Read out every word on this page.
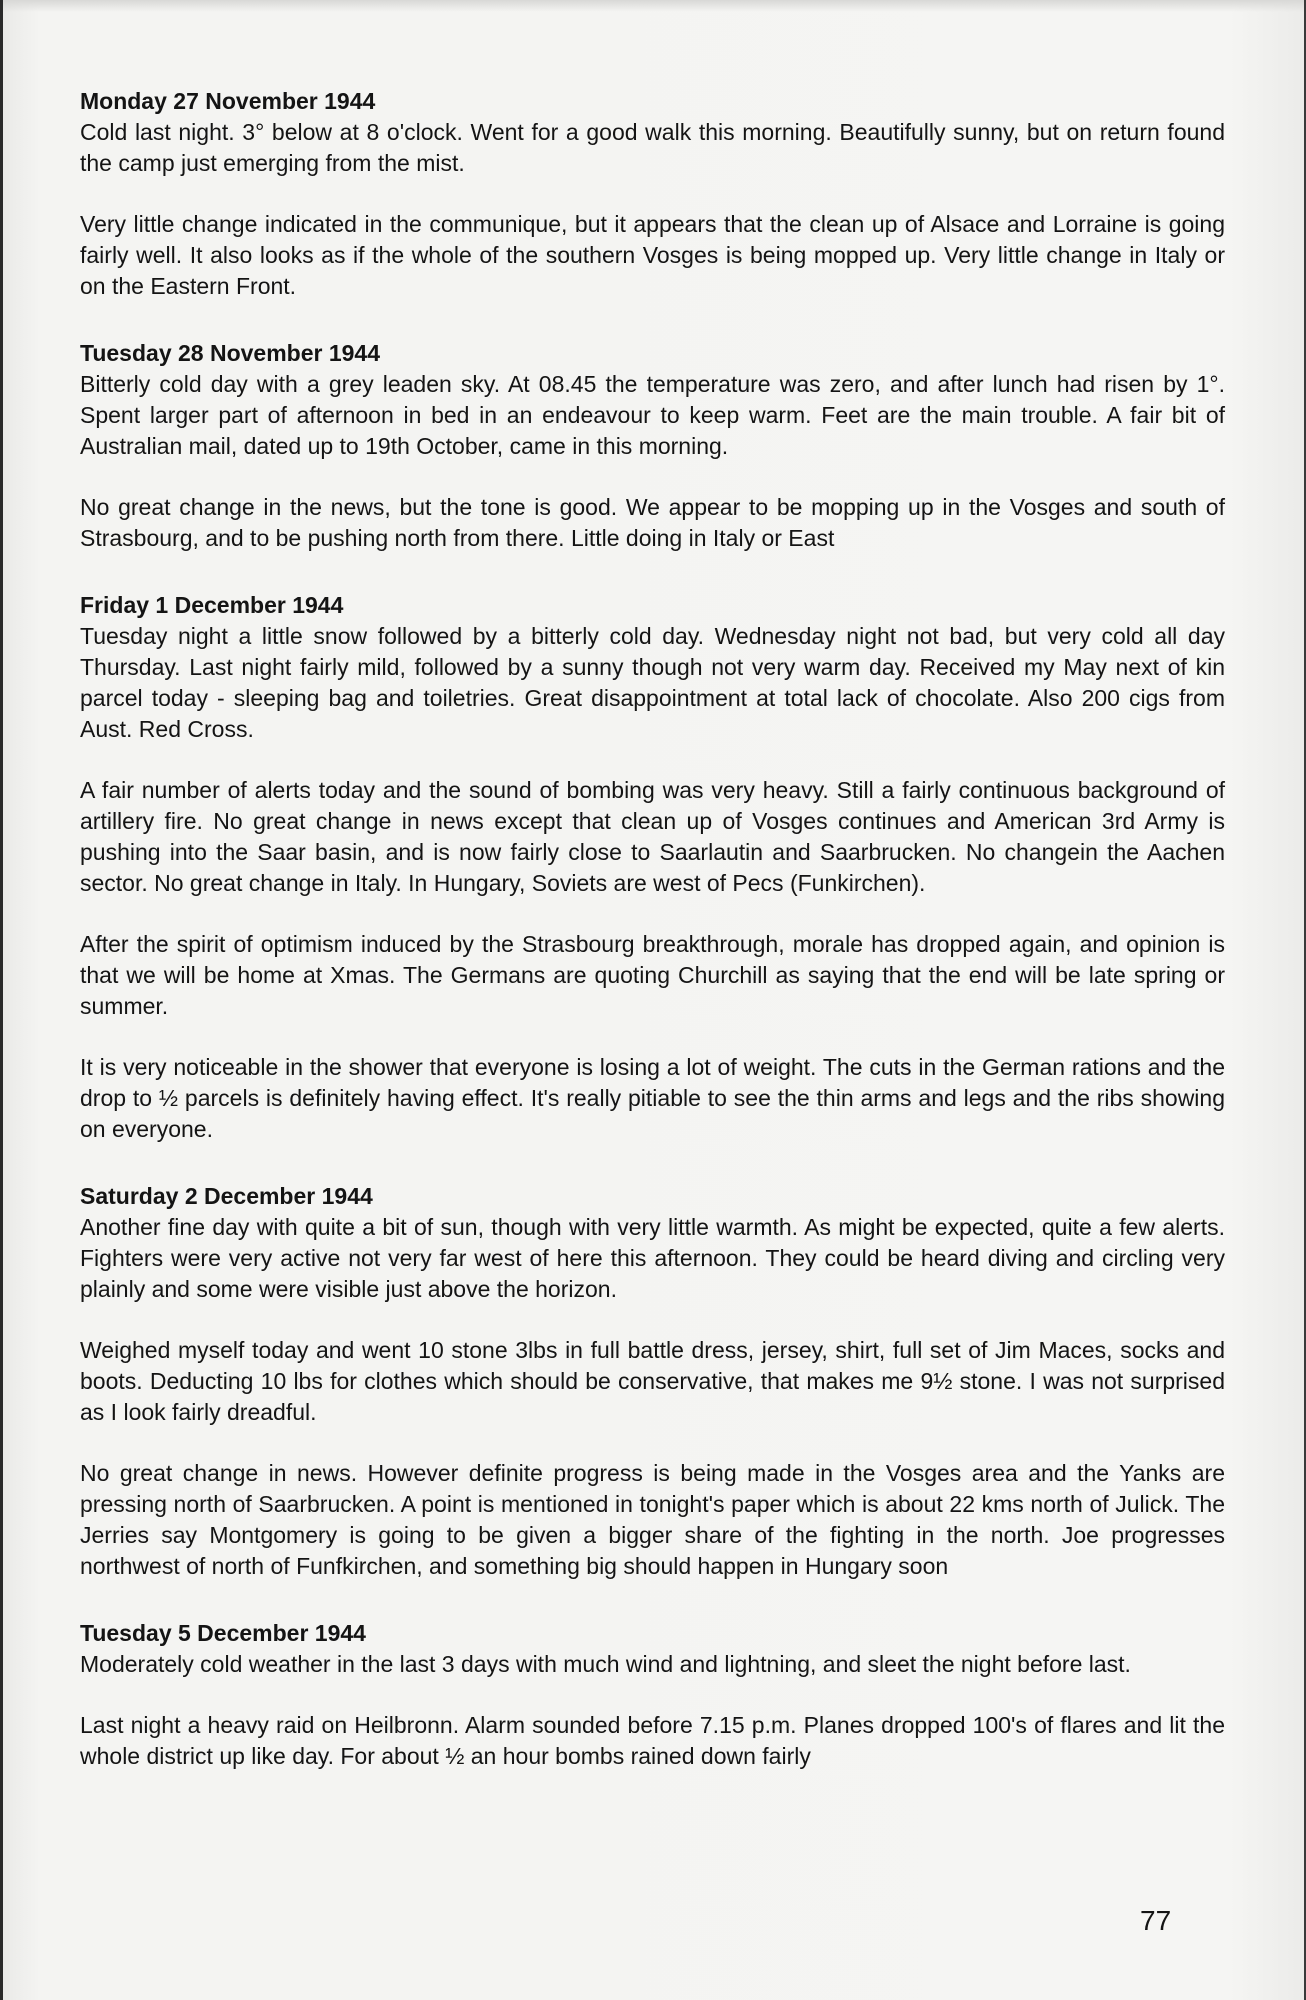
Monday 27 November 1944

Cold last night. 3° below at 8 o'clock. Went for a good walk this morning. Beautifully sunny, but on return found the camp just emerging from the mist.

Very little change indicated in the communique, but it appears that the clean up of Alsace and Lorraine is going fairly well. It also looks as if the whole of the southern Vosges is being mopped up. Very little change in Italy or on the Eastern Front.

Tuesday 28 November 1944

Bitterly cold day with a grey leaden sky. At 08.45 the temperature was zero, and after lunch had risen by 1°. Spent larger part of afternoon in bed in an endeavour to keep warm. Feet are the main trouble. A fair bit of Australian mail, dated up to 19th October, came in this morning.

No great change in the news, but the tone is good. We appear to be mopping up in the Vosges and south of Strasbourg, and to be pushing north from there. Little doing in Italy or East

Friday 1 December 1944

Tuesday night a little snow followed by a bitterly cold day. Wednesday night not bad, but very cold all day Thursday. Last night fairly mild, followed by a sunny though not very warm day. Received my May next of kin parcel today - sleeping bag and toiletries. Great disappointment at total lack of chocolate. Also 200 cigs from Aust. Red Cross.

A fair number of alerts today and the sound of bombing was very heavy. Still a fairly continuous background of artillery fire. No great change in news except that clean up of Vosges continues and American 3rd Army is pushing into the Saar basin, and is now fairly close to Saarlautin and Saarbrucken. No changein the Aachen sector. No great change in Italy. In Hungary, Soviets are west of Pecs (Funkirchen).

After the spirit of optimism induced by the Strasbourg breakthrough, morale has dropped again, and opinion is that we will be home at Xmas. The Germans are quoting Churchill as saying that the end will be late spring or summer.

It is very noticeable in the shower that everyone is losing a lot of weight. The cuts in the German rations and the drop to ½ parcels is definitely having effect. It's really pitiable to see the thin arms and legs and the ribs showing on everyone.

Saturday 2 December 1944

Another fine day with quite a bit of sun, though with very little warmth. As might be expected, quite a few alerts. Fighters were very active not very far west of here this afternoon. They could be heard diving and circling very plainly and some were visible just above the horizon.

Weighed myself today and went 10 stone 3lbs in full battle dress, jersey, shirt, full set of Jim Maces, socks and boots. Deducting 10 lbs for clothes which should be conservative, that makes me 9½ stone. I was not surprised as I look fairly dreadful.

No great change in news. However definite progress is being made in the Vosges area and the Yanks are pressing north of Saarbrucken. A point is mentioned in tonight's paper which is about 22 kms north of Julick. The Jerries say Montgomery is going to be given a bigger share of the fighting in the north. Joe progresses northwest of north of Funfkirchen, and something big should happen in Hungary soon

Tuesday 5 December 1944

Moderately cold weather in the last 3 days with much wind and lightning, and sleet the night before last.

Last night a heavy raid on Heilbronn. Alarm sounded before 7.15 p.m. Planes dropped 100's of flares and lit the whole district up like day. For about ½ an hour bombs rained down fairly

77
